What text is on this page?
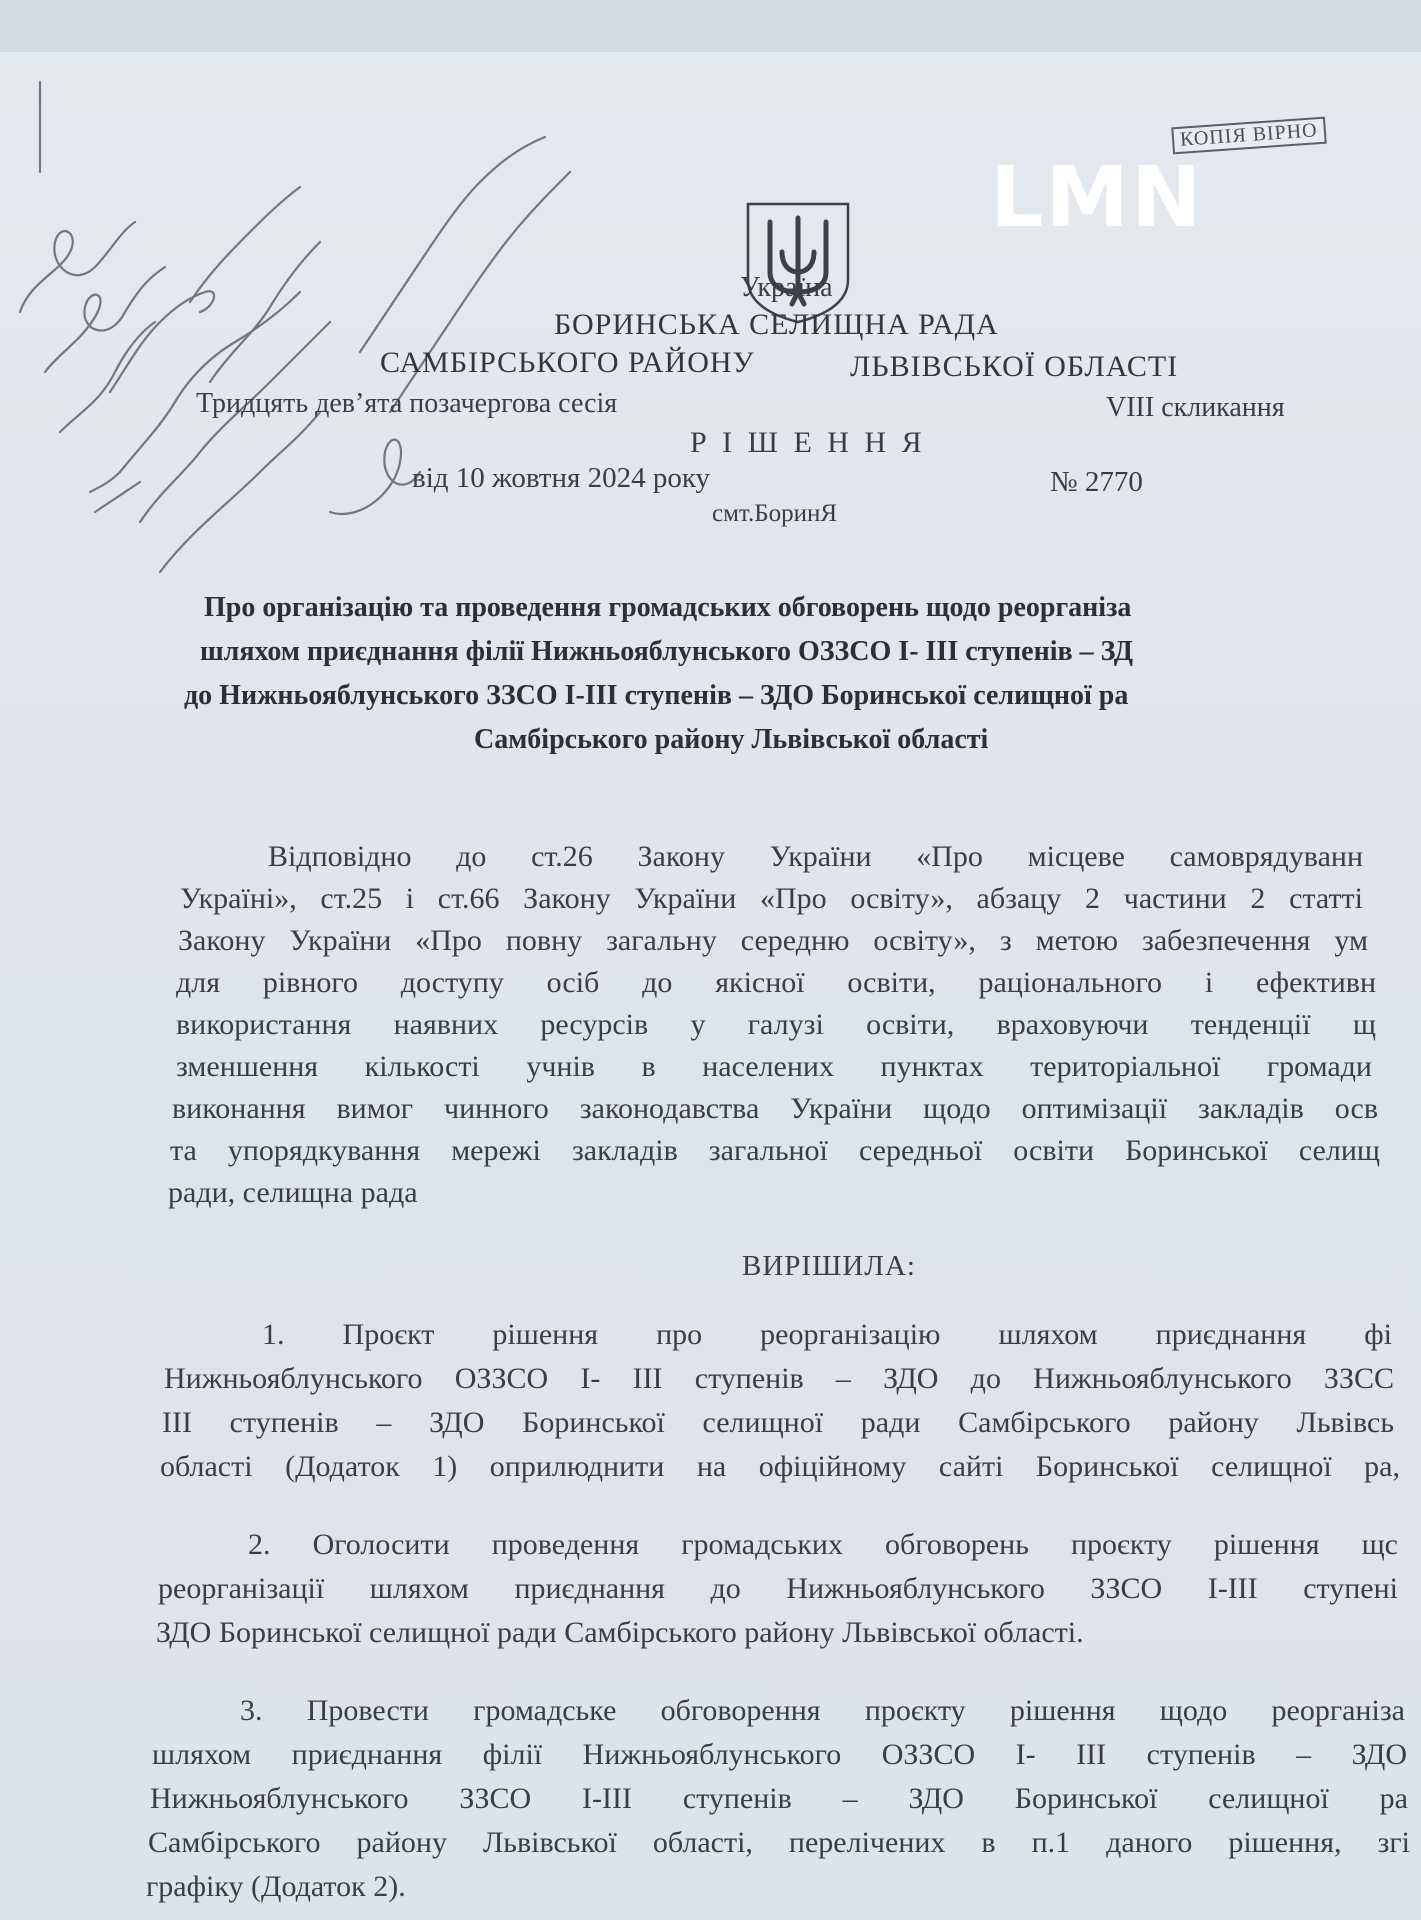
LMN
КОПІЯ ВІРНО
Україна
БОРИНСЬКА СЕЛИЩНА РАДА
САМБІРСЬКОГО РАЙОНУ	ЛЬВІВСЬКОЇ ОБЛАСТІ
Тридцять дев’ята позачергова сесія	VIII скликання
Р І Ш Е Н Н Я
від 10 жовтня 2024 року	№ 2770
смт.БоринЯ
Про організацію та проведення громадських обговорень щодо реорганіза
шляхом приєднання філії Нижньояблунського ОЗЗСО І- ІІІ ступенів – ЗД
до Нижньояблунського ЗЗСО І-ІІІ ступенів – ЗДО Боринської селищної ра
Самбірського району Львівської області
Відповідно до ст.26 Закону України «Про місцеве самоврядуванн
Україні», ст.25 і ст.66 Закону України «Про освіту», абзацу 2 частини 2 статті
Закону України «Про повну загальну середню освіту», з метою забезпечення ум
для рівного доступу осіб до якісної освіти, раціонального і ефективн
використання наявних ресурсів у галузі освіти, враховуючи тенденції щ
зменшення кількості учнів в населених пунктах територіальної громади
виконання вимог чинного законодавства України щодо оптимізації закладів осв
та упорядкування мережі закладів загальної середньої освіти Боринської селищ
ради, селищна рада
ВИРІШИЛА:
1. Проєкт рішення про реорганізацію шляхом приєднання фі
Нижньояблунського ОЗЗСО І- ІІІ ступенів – ЗДО до Нижньояблунського ЗЗСС
ІІІ ступенів – ЗДО Боринської селищної ради Самбірського району Львівсь
області (Додаток 1) оприлюднити на офіційному сайті Боринської селищної ра,
2. Оголосити проведення громадських обговорень проєкту рішення щс
реорганізації шляхом приєднання до Нижньояблунського ЗЗСО І-ІІІ ступені
ЗДО Боринської селищної ради Самбірського району Львівської області.
3. Провести громадське обговорення проєкту рішення щодо реорганіза
шляхом приєднання філії Нижньояблунського ОЗЗСО І- ІІІ ступенів – ЗДО
Нижньояблунського ЗЗСО І-ІІІ ступенів – ЗДО Боринської селищної ра
Самбірського району Львівської області, перелічених в п.1 даного рішення, згі
графіку (Додаток 2).
